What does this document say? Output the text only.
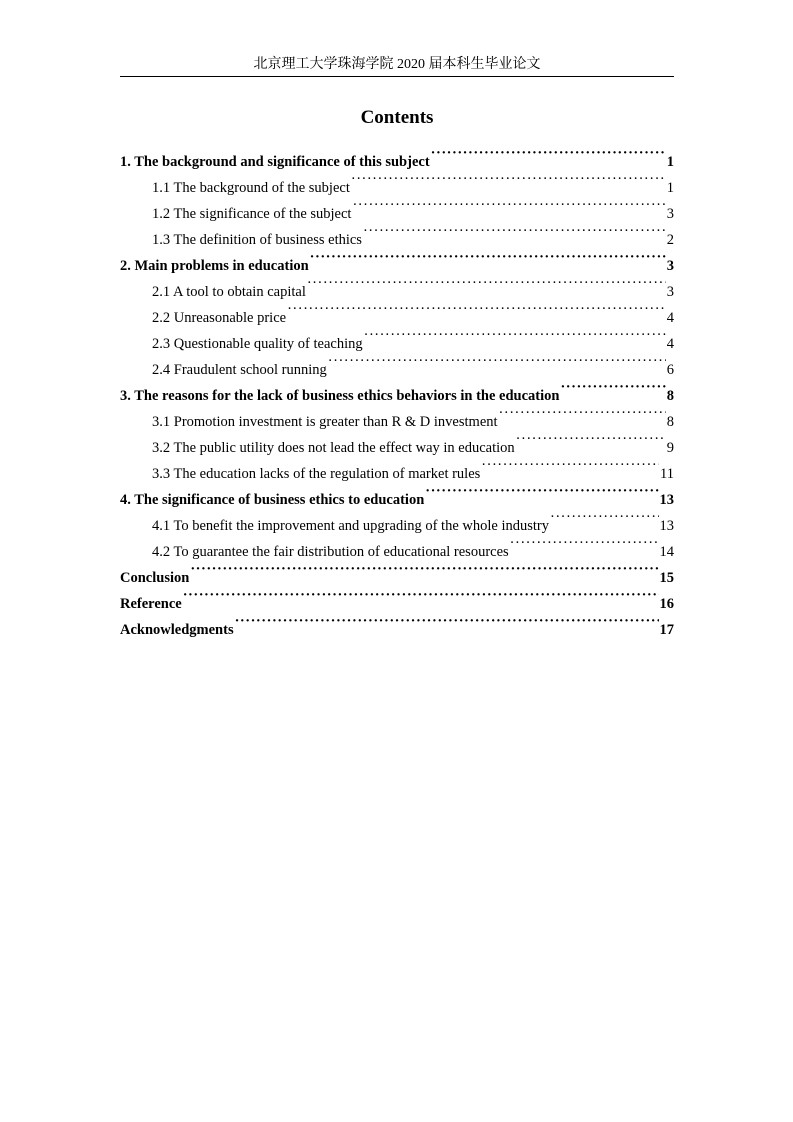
北京理工大学珠海学院 2020 届本科生毕业论文
Contents
1. The background and significance of this subject ·····	1
1.1 The background of the subject ·····	1
1.2 The significance of the subject ·····	3
1.3 The definition of business ethics ·····	2
2. Main problems in education ·····	3
2.1 A tool to obtain capital ·····	3
2.2 Unreasonable price ·····	4
2.3 Questionable quality of teaching ·····	4
2.4 Fraudulent school running ·····	6
3. The reasons for the lack of business ethics behaviors in the education ·····	8
3.1 Promotion investment is greater than R & D investment ·····	8
3.2 The public utility does not lead the effect way in education ·····	9
3.3 The education lacks of the regulation of market rules ·····	11
4. The significance of business ethics to education ·····	13
4.1 To benefit the improvement and upgrading of the whole industry ·····	13
4.2 To guarantee the fair distribution of educational resources ·····	14
Conclusion ·····	15
Reference ·····	16
Acknowledgments ·····	17
